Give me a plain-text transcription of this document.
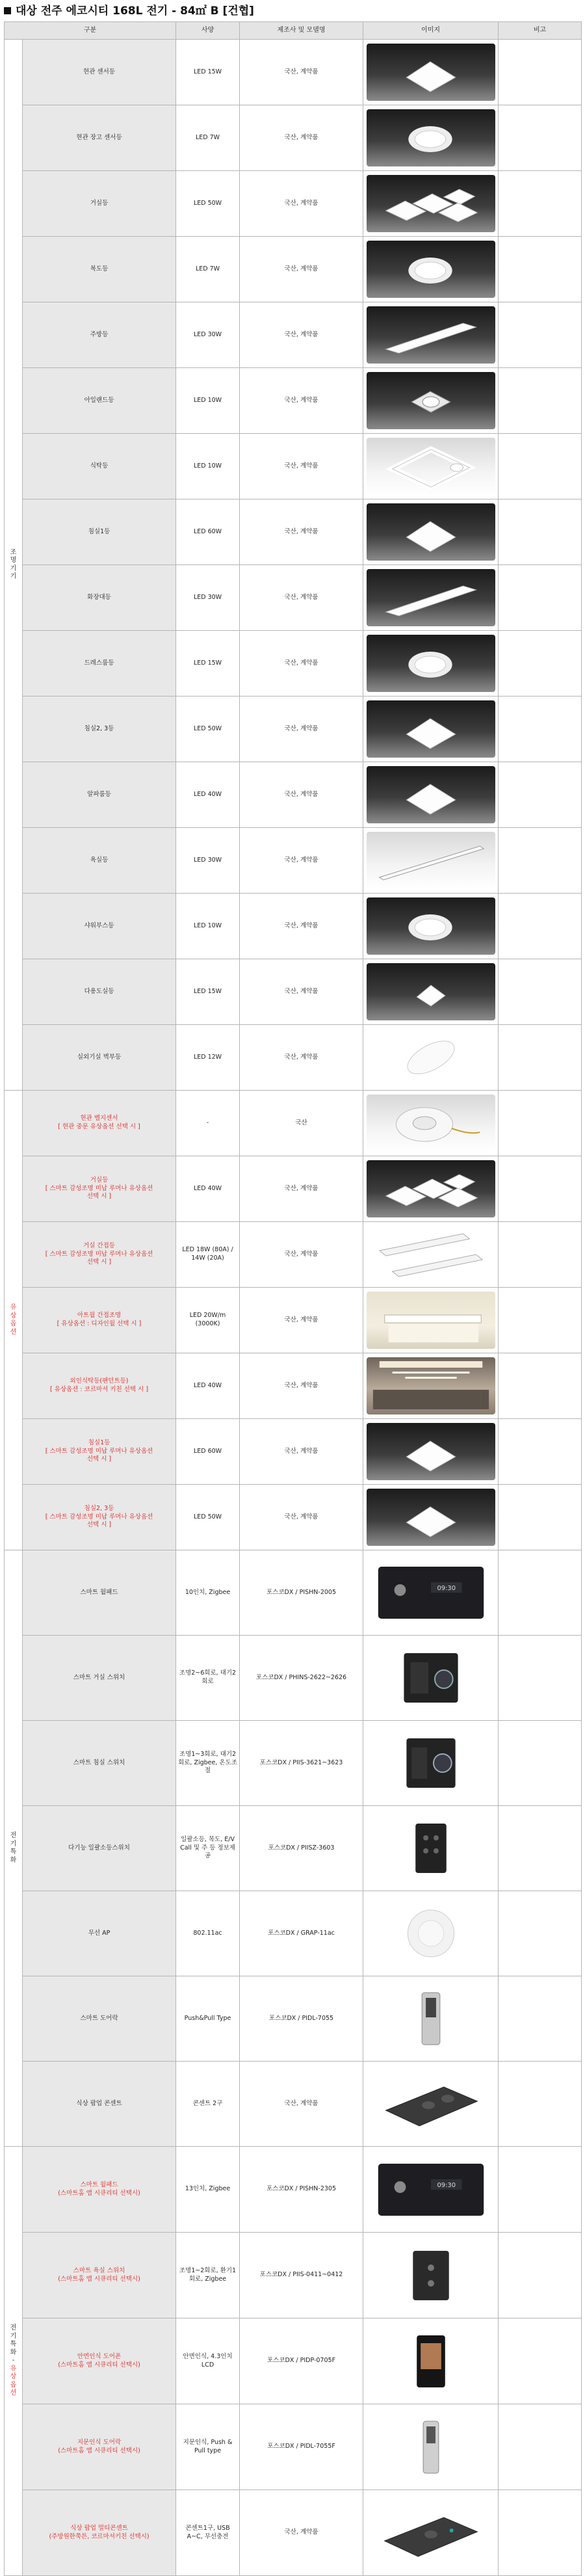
대상 전주 에코시티 168L 전기 - 84㎡ B [건협]
구분		사양	제조사 및 모델명	이미지	비고

조명기기	현관 센서등	LED 15W	국산, 계약품	

	현관 장고 센서등	LED 7W	국산, 계약품	

	거실등	LED 50W	국산, 계약품	

	복도등	LED 7W	국산, 계약품	

	주방등	LED 30W	국산, 계약품	

	아일랜드등	LED 10W	국산, 계약품	

	식탁등	LED 10W	국산, 계약품	

	침실1등	LED 60W	국산, 계약품	

	화장대등	LED 30W	국산, 계약품	

	드레스룸등	LED 15W	국산, 계약품	

	침실2, 3등	LED 50W	국산, 계약품	

	알파룸등	LED 40W	국산, 계약품	

	욕실등	LED 30W	국산, 계약품	

	샤워부스등	LED 10W	국산, 계약품	

	다용도실등	LED 15W	국산, 계약품	

	실외기실 벽부등	LED 12W	국산, 계약품	

유상옵션	현관 벨지센서
[ 현관 중문 유상옵션 선택 시 ]	-	국산	

	거실등
[ 스마트 감성조명 미납 루머나 유상옵션 선택 시 ]	LED 40W	국산, 계약품	

	거실 간접등
[ 스마트 감성조명 미납 루머나 유상옵션 선택 시 ]	LED 18W (80A) / 14W (20A)	국산, 계약품	

	아트월 간접조명
[ 유상옵션 : 디자인월 선택 시 ]	LED 20W/m (3000K)	국산, 계약품	

	외인식탁등(팬던트등)
[ 유상옵션 : 코르마셔 키친 선택 시 ]	LED 40W	국산, 계약품	

	침실1등
[ 스마트 감성조명 미납 루머나 유상옵션 선택 시 ]	LED 60W	국산, 계약품	

	침실2, 3등
[ 스마트 감성조명 미납 루머나 유상옵션 선택 시 ]	LED 50W	국산, 계약품	

전기특화	스마트 월패드	10인치, Zigbee	포스코DX / PISHN-2005	09:30	

	스마트 거실 스위치	조명2~6회로, 대기2회로	포스코DX / PHINS-2622~2626	

	스마트 침실 스위치	조명1~3회로, 대기2회로, Zigbee, 온도조절	포스코DX / PIIS-3621~3623	

	다기능 일괄소등스위치	일괄소등, 목도, E/V Call 및 주 등 정보제공	포스코DX / PIISZ-3603	

	무선 AP	802.11ac	포스코DX / GRAP-11ac	

	스마트 도어락	Push&Pull Type	포스코DX / PIDL-7055	

	식상 팝업 콘센트	콘센트 2구	국산, 계약품	

전기특화 - 유상옵션	스마트 월패드
(스마트홈 앱 시큐리티 선택시)	13인치, Zigbee	포스코DX / PISHN-2305	09:30	

	스마트 욕실 스위치
(스마트홈 앱 시큐리티 선택시)	조명1~2회로, 환기1회로, Zigbee	포스코DX / PIIS-0411~0412	

	안면인식 도어폰
(스마트홈 앱 시큐리티 선택시)	안면인식, 4.3인치 LCD	포스코DX / PIDP-0705F	

	지문인식 도어락
(스마트홈 앱 시큐리티 선택시)	지문인식, Push & Pull type	포스코DX / PIDL-7055F	

	식상 팝업 멀티콘센트
(주방원한쭉튼, 코르마셔키친 선택시)	콘센트1구, USB A~C, 무선충전	국산, 계약품	
